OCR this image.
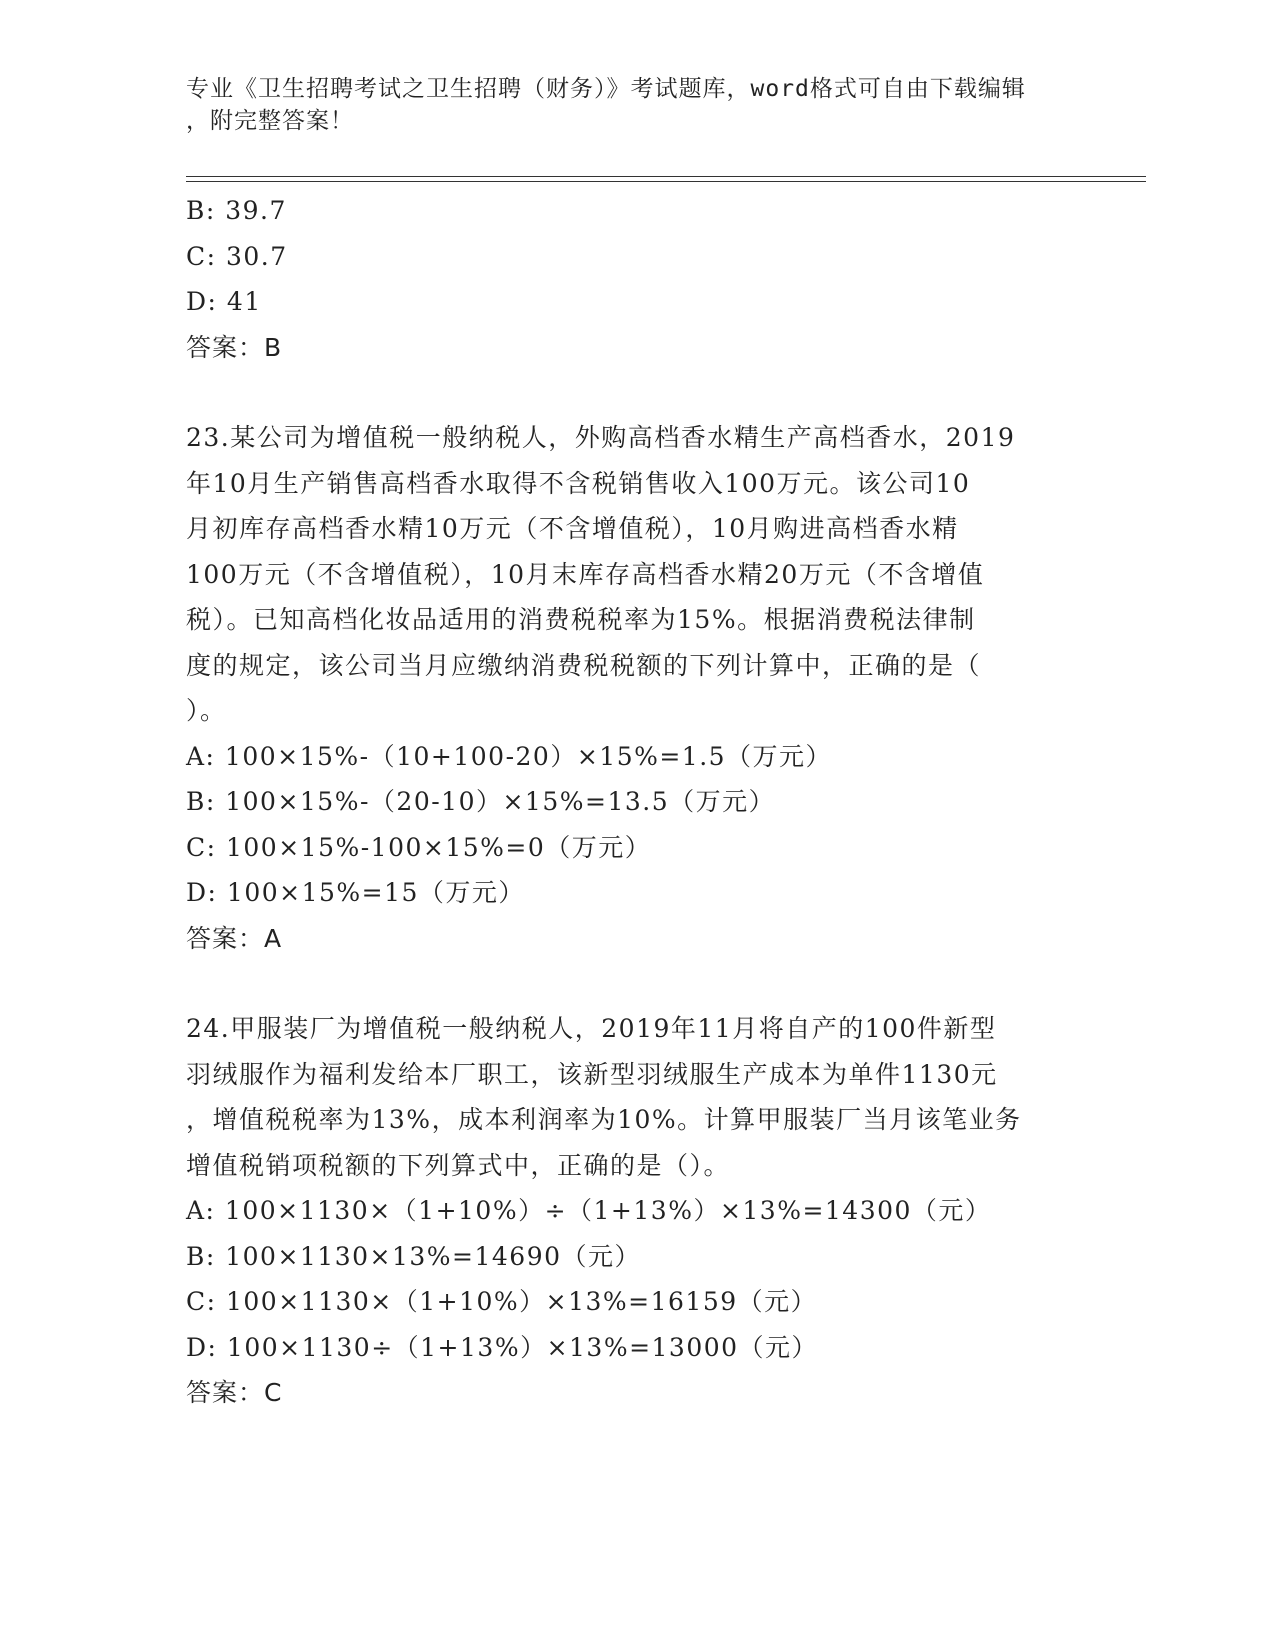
专业《卫生招聘考试之卫生招聘（财务）》考试题库，word格式可自由下载编辑
，附完整答案！
B: 39.7
C: 30.7
D: 41
答案：B
23.某公司为增值税一般纳税人，外购高档香水精生产高档香水，2019
年10月生产销售高档香水取得不含税销售收入100万元。该公司10
月初库存高档香水精10万元（不含增值税），10月购进高档香水精
100万元（不含增值税），10月末库存高档香水精20万元（不含增值
税）。已知高档化妆品适用的消费税税率为15%。根据消费税法律制
度的规定，该公司当月应缴纳消费税税额的下列计算中，正确的是（
）。
A: 100×15%-（10+100-20）×15%=1.5（万元）
B: 100×15%-（20-10）×15%=13.5（万元）
C: 100×15%-100×15%=0（万元）
D: 100×15%=15（万元）
答案：A
24.甲服装厂为增值税一般纳税人，2019年11月将自产的100件新型
羽绒服作为福利发给本厂职工，该新型羽绒服生产成本为单件1130元
，增值税税率为13%，成本利润率为10%。计算甲服装厂当月该笔业务
增值税销项税额的下列算式中，正确的是（）。
A: 100×1130×（1+10%）÷（1+13%）×13%=14300（元）
B: 100×1130×13%=14690（元）
C: 100×1130×（1+10%）×13%=16159（元）
D: 100×1130÷（1+13%）×13%=13000（元）
答案：C
